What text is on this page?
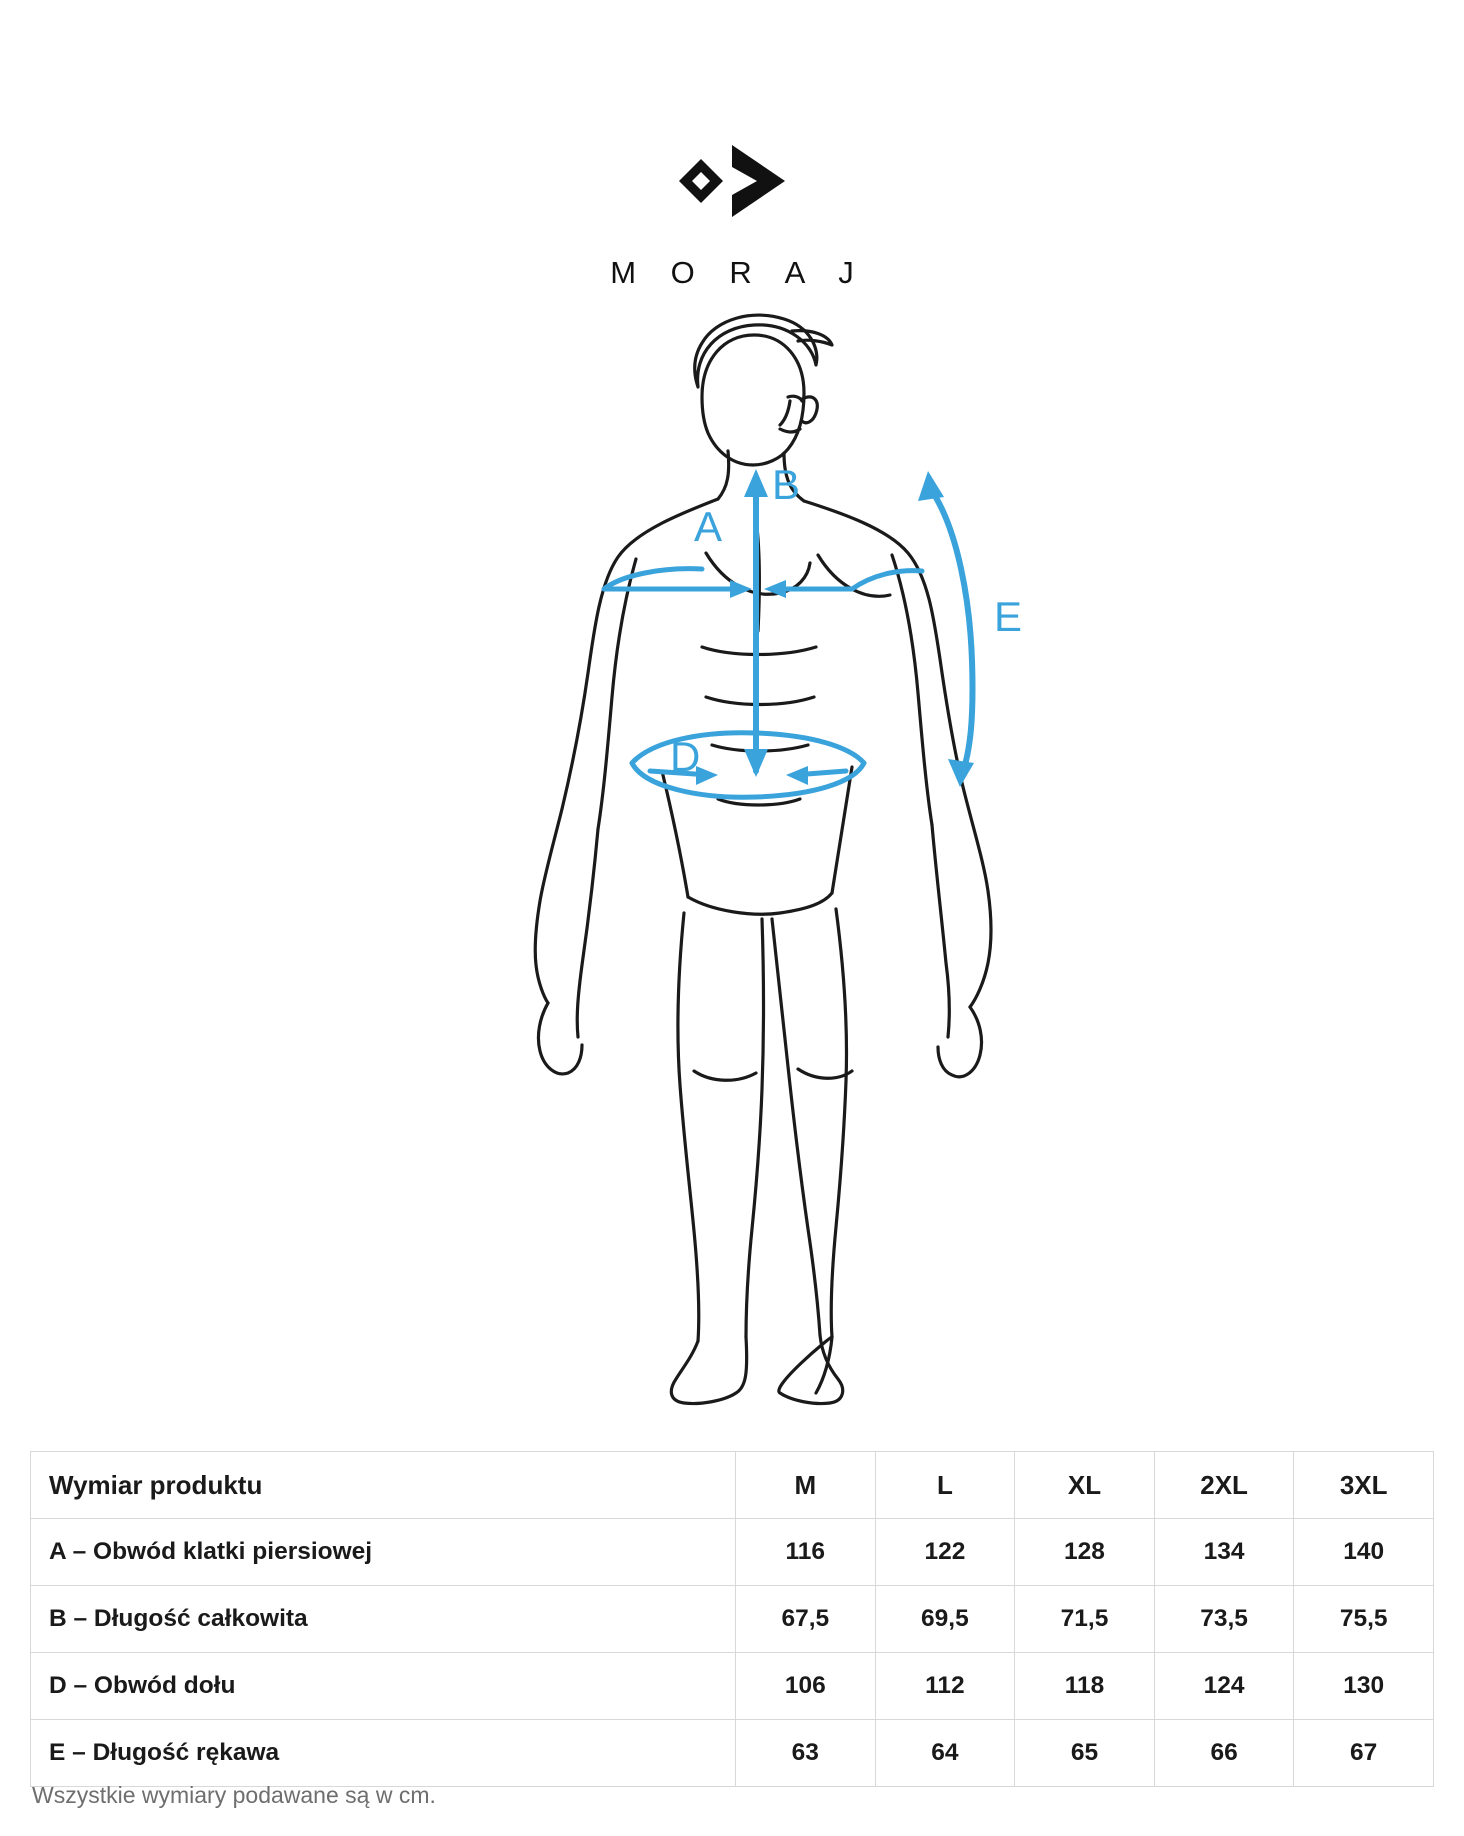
M O R A J
A
B
D
E
Wymiar produktu	M	L	XL	2XL	3XL
A – Obwód klatki piersiowej	116	122	128	134	140
B – Długość całkowita	67,5	69,5	71,5	73,5	75,5
D – Obwód dołu	106	112	118	124	130
E – Długość rękawa	63	64	65	66	67
Wszystkie wymiary podawane są w cm.
